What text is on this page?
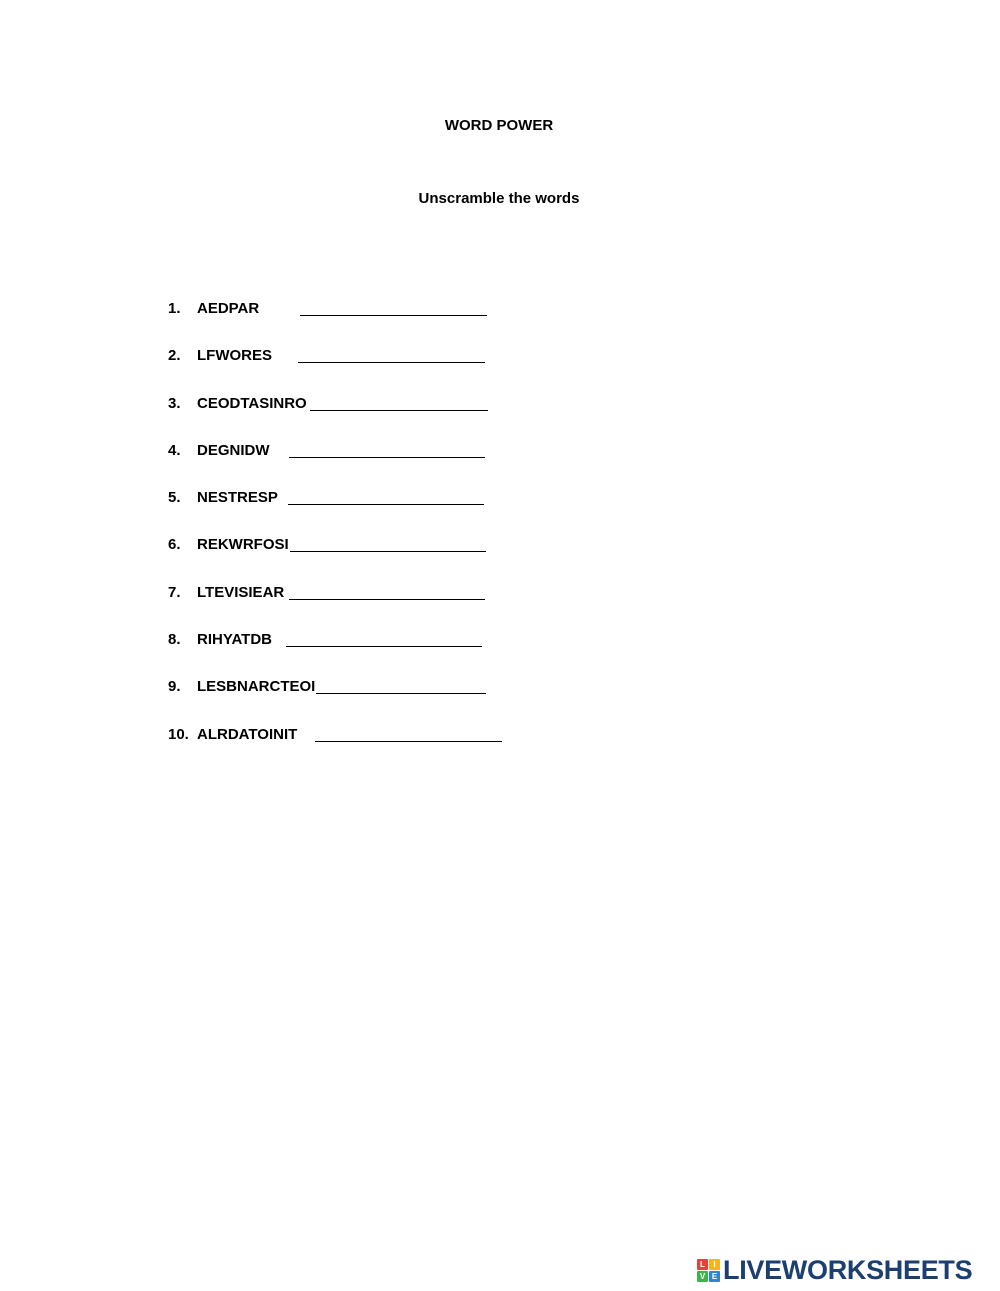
WORD POWER
Unscramble the words
1. AEDPAR
2. LFWORES
3. CEODTASINRO
4. DEGNIDW
5. NESTRESP
6. REKWRFOSI
7. LTEVISIEAR
8. RIHYATDB
9. LESBNARCTEOI
10. ALRDATOINIT
L	I
V E LIVEWORKSHEETS
